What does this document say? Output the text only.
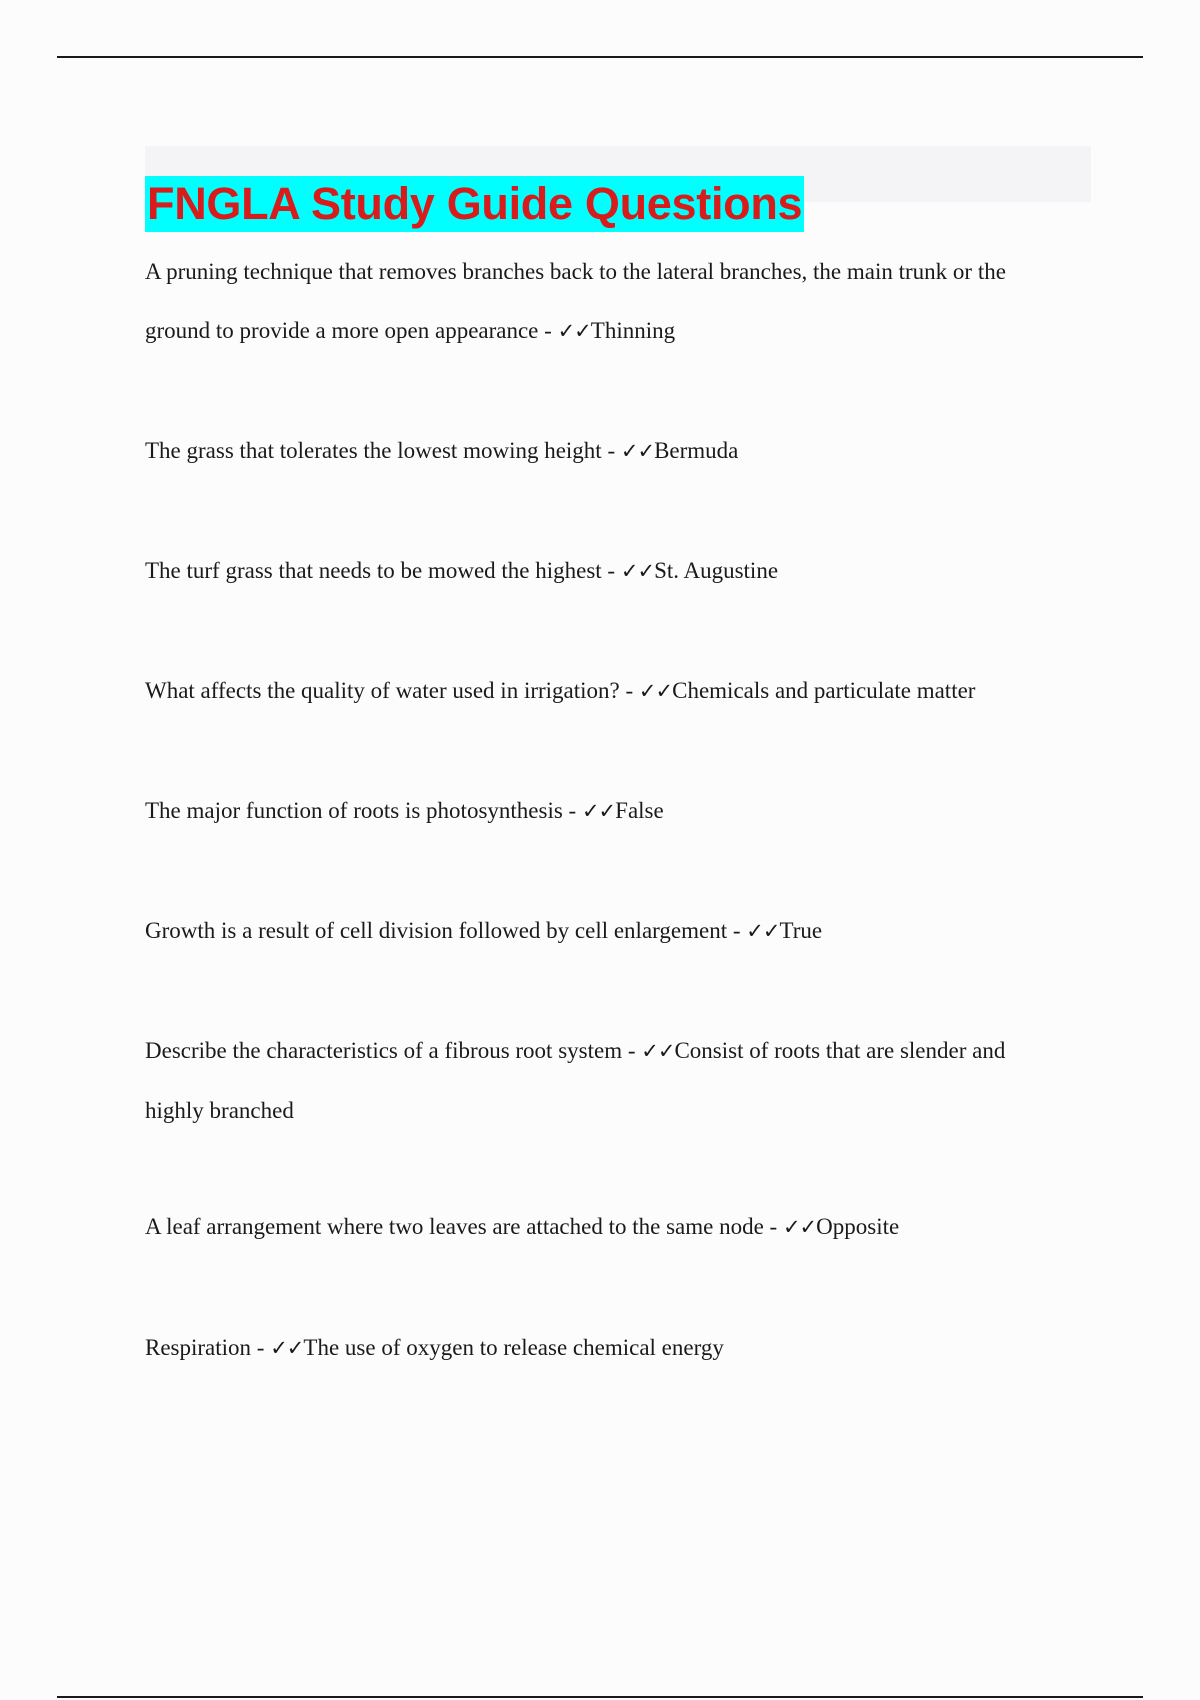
FNGLA Study Guide Questions

A pruning technique that removes branches back to the lateral branches, the main trunk or the ground to provide a more open appearance - ✓✓Thinning

The grass that tolerates the lowest mowing height - ✓✓Bermuda

The turf grass that needs to be mowed the highest - ✓✓St. Augustine

What affects the quality of water used in irrigation? - ✓✓Chemicals and particulate matter

The major function of roots is photosynthesis - ✓✓False

Growth is a result of cell division followed by cell enlargement - ✓✓True

Describe the characteristics of a fibrous root system - ✓✓Consist of roots that are slender and highly branched

A leaf arrangement where two leaves are attached to the same node - ✓✓Opposite

Respiration - ✓✓The use of oxygen to release chemical energy
